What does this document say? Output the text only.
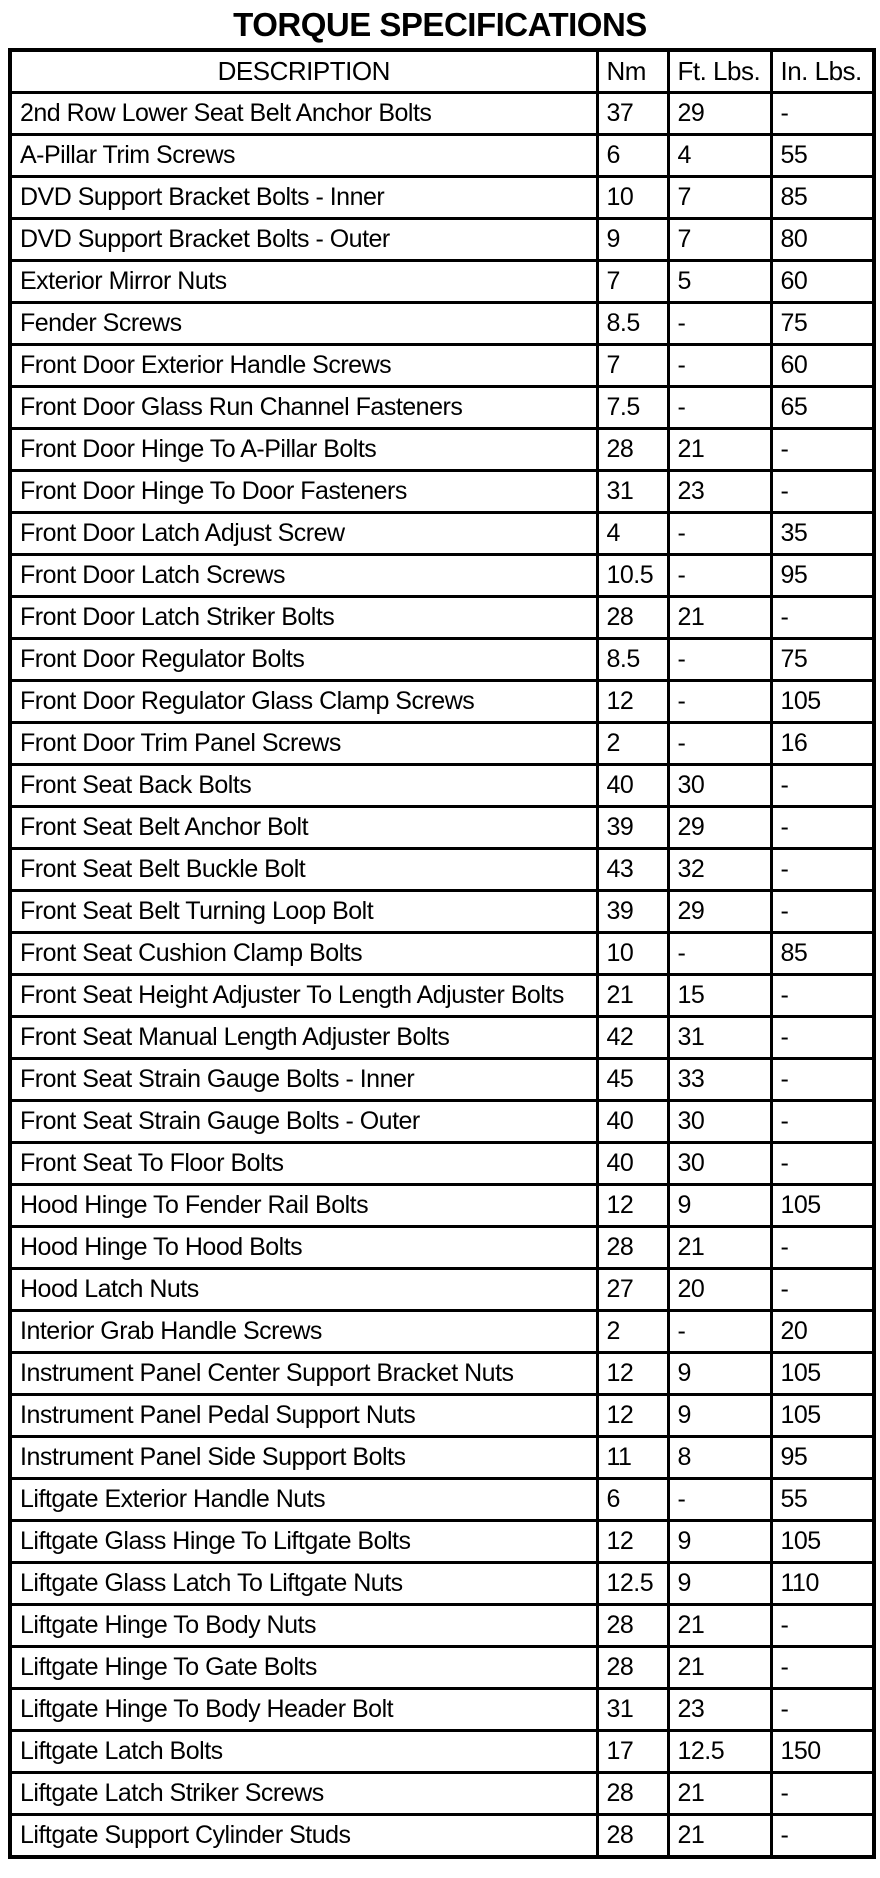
TORQUE SPECIFICATIONS
DESCRIPTION	Nm	Ft. Lbs.	In. Lbs.
2nd Row Lower Seat Belt Anchor Bolts	37	29	-
A-Pillar Trim Screws	6	4	55
DVD Support Bracket Bolts - Inner	10	7	85
DVD Support Bracket Bolts - Outer	9	7	80
Exterior Mirror Nuts	7	5	60
Fender Screws	8.5	-	75
Front Door Exterior Handle Screws	7	-	60
Front Door Glass Run Channel Fasteners	7.5	-	65
Front Door Hinge To A-Pillar Bolts	28	21	-
Front Door Hinge To Door Fasteners	31	23	-
Front Door Latch Adjust Screw	4	-	35
Front Door Latch Screws	10.5	-	95
Front Door Latch Striker Bolts	28	21	-
Front Door Regulator Bolts	8.5	-	75
Front Door Regulator Glass Clamp Screws	12	-	105
Front Door Trim Panel Screws	2	-	16
Front Seat Back Bolts	40	30	-
Front Seat Belt Anchor Bolt	39	29	-
Front Seat Belt Buckle Bolt	43	32	-
Front Seat Belt Turning Loop Bolt	39	29	-
Front Seat Cushion Clamp Bolts	10	-	85
Front Seat Height Adjuster To Length Adjuster Bolts	21	15	-
Front Seat Manual Length Adjuster Bolts	42	31	-
Front Seat Strain Gauge Bolts - Inner	45	33	-
Front Seat Strain Gauge Bolts - Outer	40	30	-
Front Seat To Floor Bolts	40	30	-
Hood Hinge To Fender Rail Bolts	12	9	105
Hood Hinge To Hood Bolts	28	21	-
Hood Latch Nuts	27	20	-
Interior Grab Handle Screws	2	-	20
Instrument Panel Center Support Bracket Nuts	12	9	105
Instrument Panel Pedal Support Nuts	12	9	105
Instrument Panel Side Support Bolts	11	8	95
Liftgate Exterior Handle Nuts	6	-	55
Liftgate Glass Hinge To Liftgate Bolts	12	9	105
Liftgate Glass Latch To Liftgate Nuts	12.5	9	110
Liftgate Hinge To Body Nuts	28	21	-
Liftgate Hinge To Gate Bolts	28	21	-
Liftgate Hinge To Body Header Bolt	31	23	-
Liftgate Latch Bolts	17	12.5	150
Liftgate Latch Striker Screws	28	21	-
Liftgate Support Cylinder Studs	28	21	-
